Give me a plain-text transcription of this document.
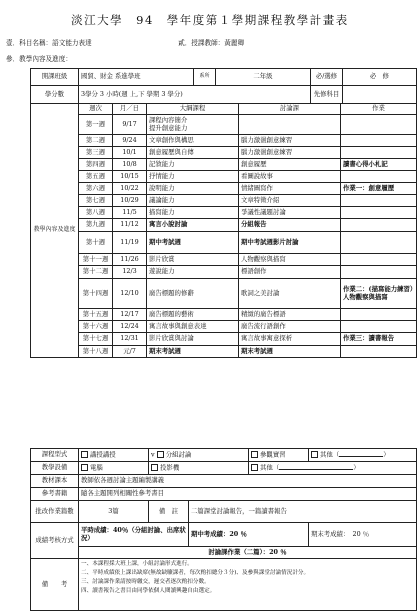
淡江大學　94　學年度第１學期課程教學計畫表
壹．科目名稱：語文能力表達	貳．授課教師：黃麗卿
參．教學內容及進度：
開課班級	國貿、財金 系進學班	系所	二年級	必/選修	必　修
學分數	3學分 3 小時(週 上,下 學期 3 學分)			先修科目	
教學內容及進度	週次	月／日	大綱課程	討論課	作業
	第一週	9/17	課程內容簡介
提升創意能力		
	第二週	9/24	文章創作與構思	腦力激盪創意練習	
	第三週	10/1	創意履歷與自傳	腦力激盪創意練習	
	第四週	10/8	記敘能力	創意履歷	讀書心得小札記
	第五週	10/15	抒情能力	看圖說故事	
	第六週	10/22	說明能力	情緒圖寫作	作業一：創意履歷
	第七週	10/29	議論能力	文章特徵介紹	
	第八週	11/5	描寫能力	爭議性議題討論	
	第九週	11/12	寓言小說討論	分組報告	
	第十週	11/19	期中考試週	期中考試週影片討論	
	第十一週	11/26	影片欣賞	人物觀察與描寫	
	第十二週	12/3	遊說能力	標語創作	
	第十四週	12/10	廣告標題的修辭	歌詞之美討論	作業二：(描寫能力練習）人物觀察與描寫
	第十五週	12/17	廣告標題的藝術	精緻的廣告標語	
	第十六週	12/24	寓言故事與創意表達	廣告流行語創作	
	第十七週	12/31	影片欣賞與討論	寓言故事寓意探析	作業三：讀書報告
	第十八週	元/7	期末考試週	期末考試週	
課程型式	講授講授	v 分組討論		參觀實習	其他（ ）
教學設備	電腦	投影機		其他（ ）	
教材課本	教師依各週討論主題編製講義				
參考書籍	隨各主題開列相關性參考書目				
批改作業篇數	3篇	備　註	二篇課堂討論報告，一篇讀書報告		
成績考核方式	平時成績：40％（分組討論、出席狀況）		期中考成績：20 ％		期末考成績：　20 ％
	討論課作業（二篇）：20 ％				
備　　考	一、本課程採大班上課，小組討論形式進行。
二、平時成績依上課出缺席(無故缺曠課者，每次酌扣總分３分)、及參與課堂討論情況計分。
三、討論課作業請按時繳交，遲交者逐次酌扣分數。
四、讀書報告之書目由同學依個人閱讀興趣自由選定。				
